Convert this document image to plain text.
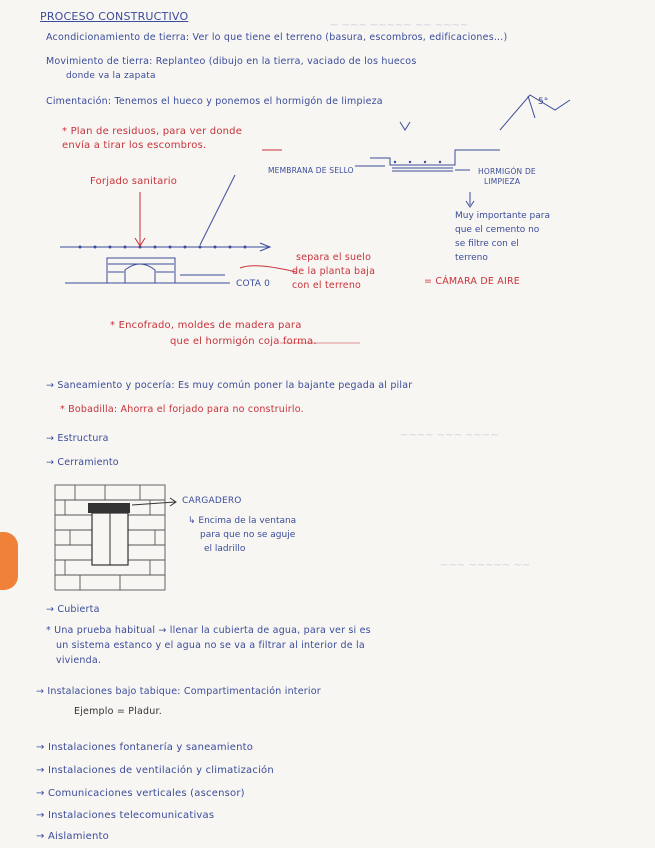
~ ~~~ ~~~~~ ~~ ~~~~
~~~~ ~~~ ~~~~
~~~ ~~~~~ ~~
PROCESO CONSTRUCTIVO
Acondicionamiento de tierra: Ver lo que tiene el terreno (basura, escombros, edificaciones...)
Movimiento de tierra: Replanteo (dibujo en la tierra, vaciado de los huecos
donde va la zapata
Cimentación: Tenemos el hueco y ponemos el hormigón de limpieza
* Plan de residuos, para ver donde
envía a tirar los escombros.
5°
Forjado sanitario
MEMBRANA DE SELLO	HORMIGÓN DE
LIMPIEZA
COTA 0
Muy importante para
que el cemento no
se filtre con el
terreno
separa el suelo
de la planta baja
con el terreno	= CÁMARA DE AIRE
* Encofrado, moldes de madera para
que el hormigón coja forma.
→ Saneamiento y pocería: Es muy común poner la bajante pegada al pilar
* Bobadilla: Ahorra el forjado para no construirlo.
→ Estructura
→ Cerramiento
CARGADERO
↳ Encima de la ventana
para que no se aguje
el ladrillo
→ Cubierta
* Una prueba habitual → llenar la cubierta de agua, para ver si es
un sistema estanco y el agua no se va a filtrar al interior de la
vivienda.
→ Instalaciones bajo tabique: Compartimentación interior
Ejemplo = Pladur.
→ Instalaciones fontanería y saneamiento
→ Instalaciones de ventilación y climatización
→ Comunicaciones verticales (ascensor)
→ Instalaciones telecomunicativas
→ Aislamiento
